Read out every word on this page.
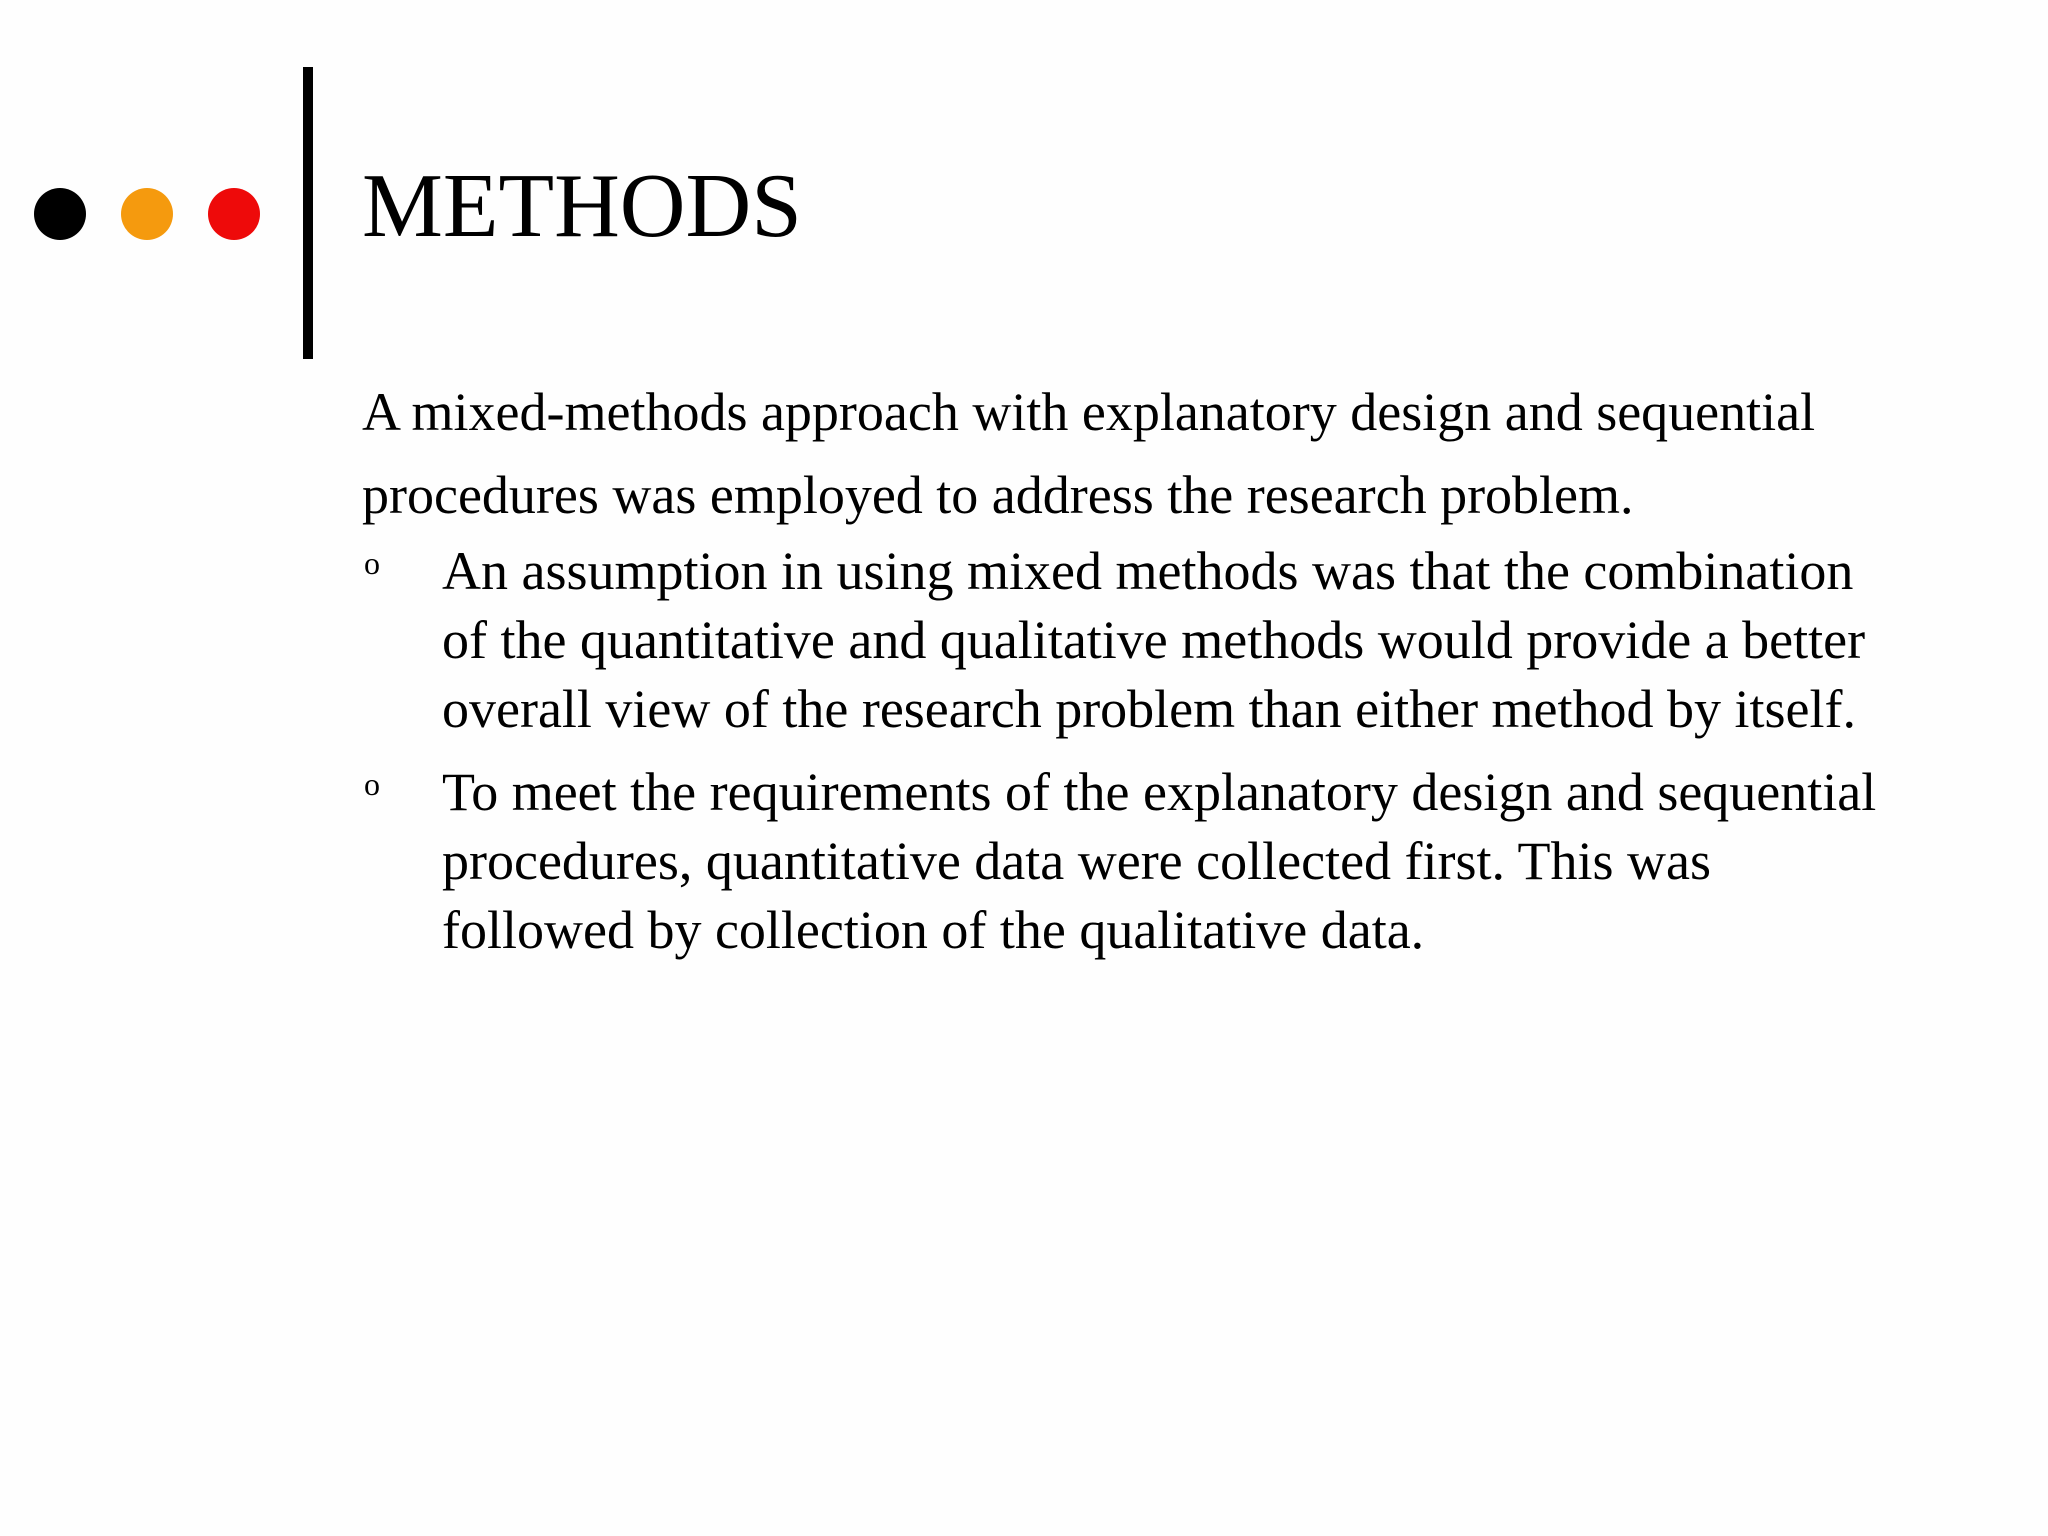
METHODS

A mixed-methods approach with explanatory design and sequential procedures was employed to address the research problem.

o An assumption in using mixed methods was that the combination of the quantitative and qualitative methods would provide a better overall view of the research problem than either method by itself.
o To meet the requirements of the explanatory design and sequential procedures, quantitative data were collected first. This was followed by collection of the qualitative data.
